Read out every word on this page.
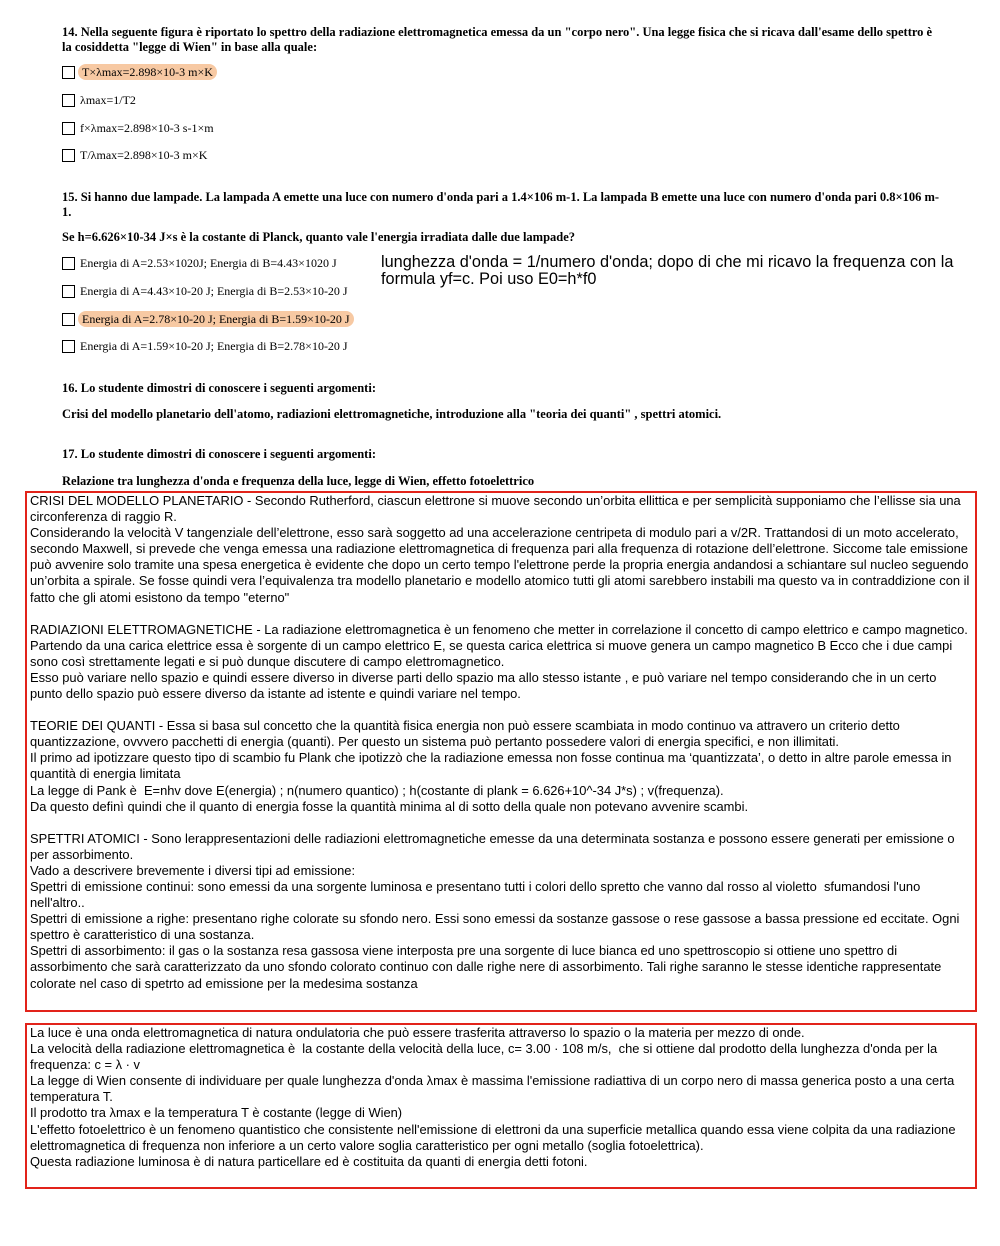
14. Nella seguente figura è riportato lo spettro della radiazione elettromagnetica emessa da un "corpo nero". Una legge fisica che si ricava dall'esame dello spettro è la cosiddetta "legge di Wien" in base alla quale:
T×λmax=2.898×10-3 m×K
λmax=1/T2
f×λmax=2.898×10-3 s-1×m
T/λmax=2.898×10-3 m×K
15. Si hanno due lampade. La lampada A emette una luce con numero d'onda pari a 1.4×106 m-1. La lampada B emette una luce con numero d'onda pari 0.8×106 m-1.
Se h=6.626×10-34 J×s è la costante di Planck, quanto vale l'energia irradiata dalle due lampade?
Energia di A=2.53×1020J; Energia di B=4.43×1020 J
Energia di A=4.43×10-20 J; Energia di B=2.53×10-20 J
Energia di A=2.78×10-20 J; Energia di B=1.59×10-20 J
Energia di A=1.59×10-20 J; Energia di B=2.78×10-20 J
lunghezza d'onda = 1/numero d'onda; dopo di che mi ricavo la frequenza con la formula yf=c. Poi uso E0=h*f0
16. Lo studente dimostri di conoscere i seguenti argomenti:
Crisi del modello planetario dell'atomo, radiazioni elettromagnetiche, introduzione alla "teoria dei quanti" , spettri atomici.
17. Lo studente dimostri di conoscere i seguenti argomenti:
Relazione tra lunghezza d'onda e frequenza della luce, legge di Wien, effetto fotoelettrico

CRISI DEL MODELLO PLANETARIO - Secondo Rutherford, ciascun elettrone si muove secondo un’orbita ellittica e per semplicità supponiamo che l’ellisse sia una circonferenza di raggio R.
Considerando la velocità V tangenziale dell’elettrone, esso sarà soggetto ad una accelerazione centripeta di modulo pari a v/2R. Trattandosi di un moto accelerato, secondo Maxwell, si prevede che venga emessa una radiazione elettromagnetica di frequenza pari alla frequenza di rotazione dell’elettrone. Siccome tale emissione può avvenire solo tramite una spesa energetica è evidente che dopo un certo tempo l'elettrone perde la propria energia andandosi a schiantare sul nucleo seguendo un’orbita a spirale. Se fosse quindi vera l’equivalenza tra modello planetario e modello atomico tutti gli atomi sarebbero instabili ma questo va in contraddizione con il fatto che gli atomi esistono da tempo "eterno"

RADIAZIONI ELETTROMAGNETICHE - La radiazione elettromagnetica è un fenomeno che metter in correlazione il concetto di campo elettrico e campo magnetico.
Partendo da una carica elettrice essa è sorgente di un campo elettrico E, se questa carica elettrica si muove genera un campo magnetico B Ecco che i due campi sono così strettamente legati e si può dunque discutere di campo elettromagnetico.
Esso può variare nello spazio e quindi essere diverso in diverse parti dello spazio ma allo stesso istante , e può variare nel tempo considerando che in un certo punto dello spazio può essere diverso da istante ad istente e quindi variare nel tempo.

TEORIE DEI QUANTI - Essa si basa sul concetto che la quantità fisica energia non può essere scambiata in modo continuo va attravero un criterio detto quantizzazione, ovvvero pacchetti di energia (quanti). Per questo un sistema può pertanto possedere valori di energia specifici, e non illimitati.
Il primo ad ipotizzare questo tipo di scambio fu Plank che ipotizzò che la radiazione emessa non fosse continua ma ‘quantizzata’, o detto in altre parole emessa in quantità di energia limitata
La legge di Pank è  E=nhv dove E(energia) ; n(numero quantico) ; h(costante di plank = 6.626+10^-34 J*s) ; v(frequenza).
Da questo definì quindi che il quanto di energia fosse la quantità minima al di sotto della quale non potevano avvenire scambi.

SPETTRI ATOMICI - Sono lerappresentazioni delle radiazioni elettromagnetiche emesse da una determinata sostanza e possono essere generati per emissione o per assorbimento.
Vado a descrivere brevemente i diversi tipi ad emissione:
Spettri di emissione continui: sono emessi da una sorgente luminosa e presentano tutti i colori dello spretto che vanno dal rosso al violetto  sfumandosi l'uno nell'altro..
Spettri di emissione a righe: presentano righe colorate su sfondo nero. Essi sono emessi da sostanze gassose o rese gassose a bassa pressione ed eccitate. Ogni spettro è caratteristico di una sostanza.
Spettri di assorbimento: il gas o la sostanza resa gassosa viene interposta pre una sorgente di luce bianca ed uno spettroscopio si ottiene uno spettro di assorbimento che sarà caratterizzato da uno sfondo colorato continuo con dalle righe nere di assorbimento. Tali righe saranno le stesse identiche rappresentate colorate nel caso di spetrto ad emissione per la medesima sostanza

La luce è una onda elettromagnetica di natura ondulatoria che può essere trasferita attraverso lo spazio o la materia per mezzo di onde.
La velocità della radiazione elettromagnetica è  la costante della velocità della luce, c= 3.00 · 108 m/s,  che si ottiene dal prodotto della lunghezza d'onda per la frequenza: c = λ · v
La legge di Wien consente di individuare per quale lunghezza d'onda λmax è massima l'emissione radiattiva di un corpo nero di massa generica posto a una certa temperatura T.
Il prodotto tra λmax e la temperatura T è costante (legge di Wien)
L'effetto fotoelettrico è un fenomeno quantistico che consistente nell'emissione di elettroni da una superficie metallica quando essa viene colpita da una radiazione
elettromagnetica di frequenza non inferiore a un certo valore soglia caratteristico per ogni metallo (soglia fotoelettrica).
Questa radiazione luminosa è di natura particellare ed è costituita da quanti di energia detti fotoni.
